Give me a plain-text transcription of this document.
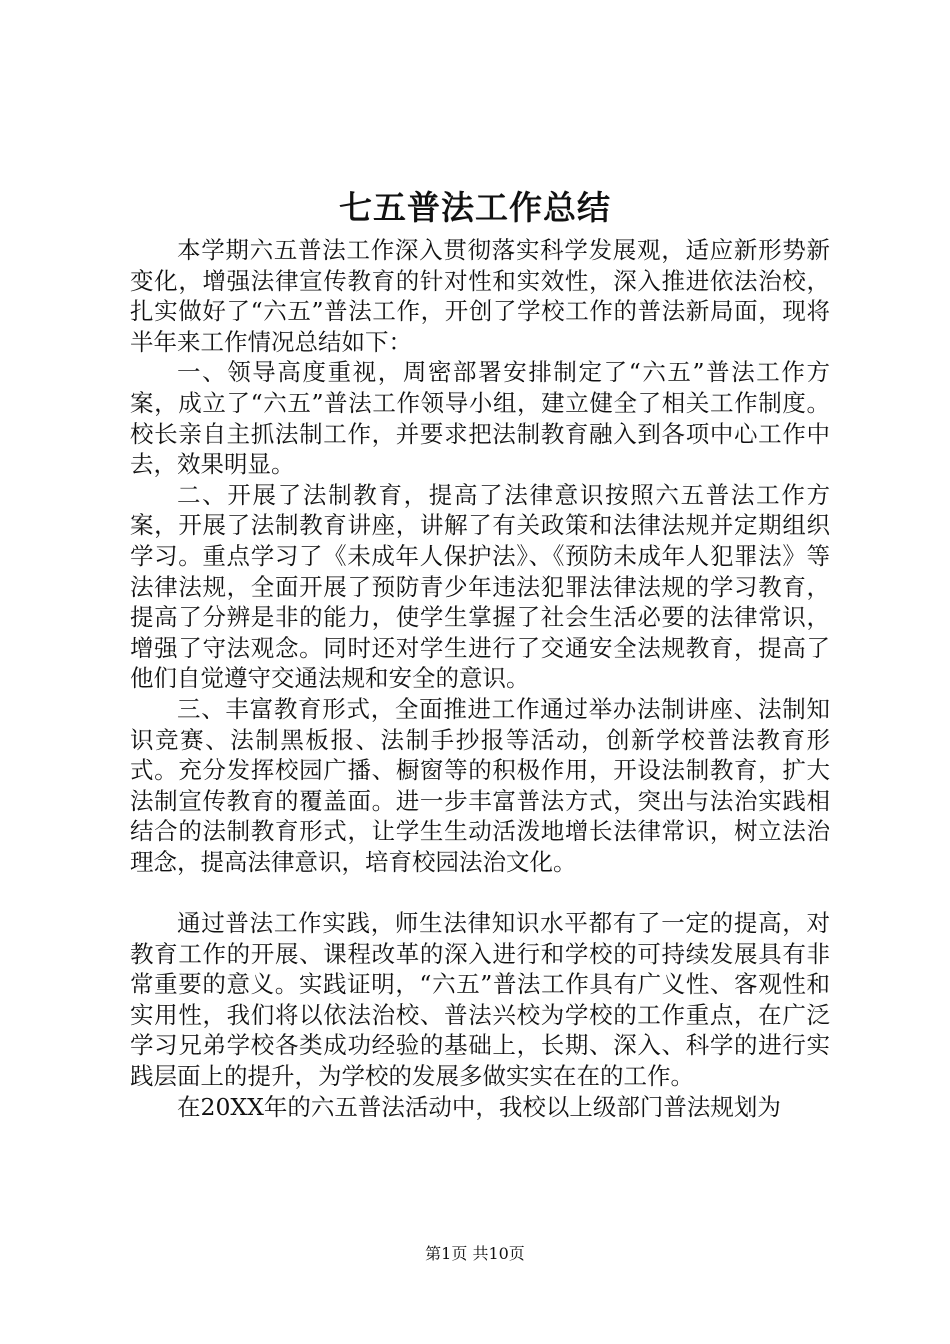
七五普法工作总结

本学期六五普法工作深入贯彻落实科学发展观，适应新形势新变化，增强法律宣传教育的针对性和实效性，深入推进依法治校，扎实做好了“六五”普法工作，开创了学校工作的普法新局面，现将半年来工作情况总结如下：

一、领导高度重视，周密部署安排制定了“六五”普法工作方案，成立了“六五”普法工作领导小组，建立健全了相关工作制度。校长亲自主抓法制工作，并要求把法制教育融入到各项中心工作中去，效果明显。

二、开展了法制教育，提高了法律意识按照六五普法工作方案，开展了法制教育讲座，讲解了有关政策和法律法规并定期组织学习。重点学习了《未成年人保护法》、《预防未成年人犯罪法》等法律法规，全面开展了预防青少年违法犯罪法律法规的学习教育，提高了分辨是非的能力，使学生掌握了社会生活必要的法律常识，增强了守法观念。同时还对学生进行了交通安全法规教育，提高了他们自觉遵守交通法规和安全的意识。

三、丰富教育形式，全面推进工作通过举办法制讲座、法制知识竞赛、法制黑板报、法制手抄报等活动，创新学校普法教育形式。充分发挥校园广播、橱窗等的积极作用，开设法制教育，扩大法制宣传教育的覆盖面。进一步丰富普法方式，突出与法治实践相结合的法制教育形式，让学生生动活泼地增长法律常识，树立法治理念，提高法律意识，培育校园法治文化。

通过普法工作实践，师生法律知识水平都有了一定的提高，对教育工作的开展、课程改革的深入进行和学校的可持续发展具有非常重要的意义。实践证明，“六五”普法工作具有广义性、客观性和实用性，我们将以依法治校、普法兴校为学校的工作重点，在广泛学习兄弟学校各类成功经验的基础上，长期、深入、科学的进行实践层面上的提升，为学校的发展多做实实在在的工作。

在20XX年的六五普法活动中，我校以上级部门普法规划为

第1页 共10页
